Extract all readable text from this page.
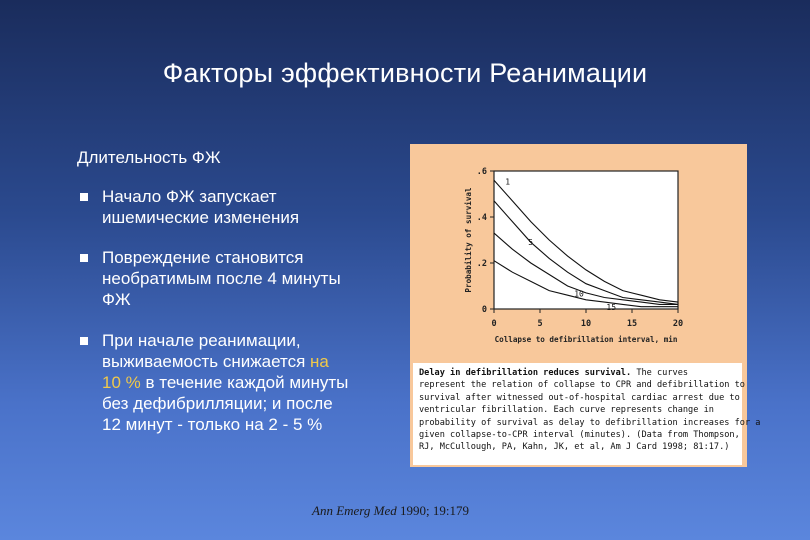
Факторы эффективности Реанимации
Длительность ФЖ
Начало ФЖ запускает
ишемические изменения
Повреждение становится
необратимым после 4 минуты
ФЖ
При начале реанимации,
выживаемость снижается на
10 % в течение каждой минуты
без дефибрилляции; и после
12 минут - только на 2 - 5 %
0
.2
.4
.6
0	5	10	15	20
Collapse to defibrillation interval, min
Probability of survival
1
5
10
15
Delay in defibrillation reduces survival. The curves
represent the relation of collapse to CPR and defibrillation to
survival after witnessed out-of-hospital cardiac arrest due to
ventricular fibrillation. Each curve represents change in
probability of survival as delay to defibrillation increases for a
given collapse-to-CPR interval (minutes). (Data from Thompson,
RJ, McCullough, PA, Kahn, JK, et al, Am J Card 1998; 81:17.)
Ann Emerg Med 1990; 19:179
